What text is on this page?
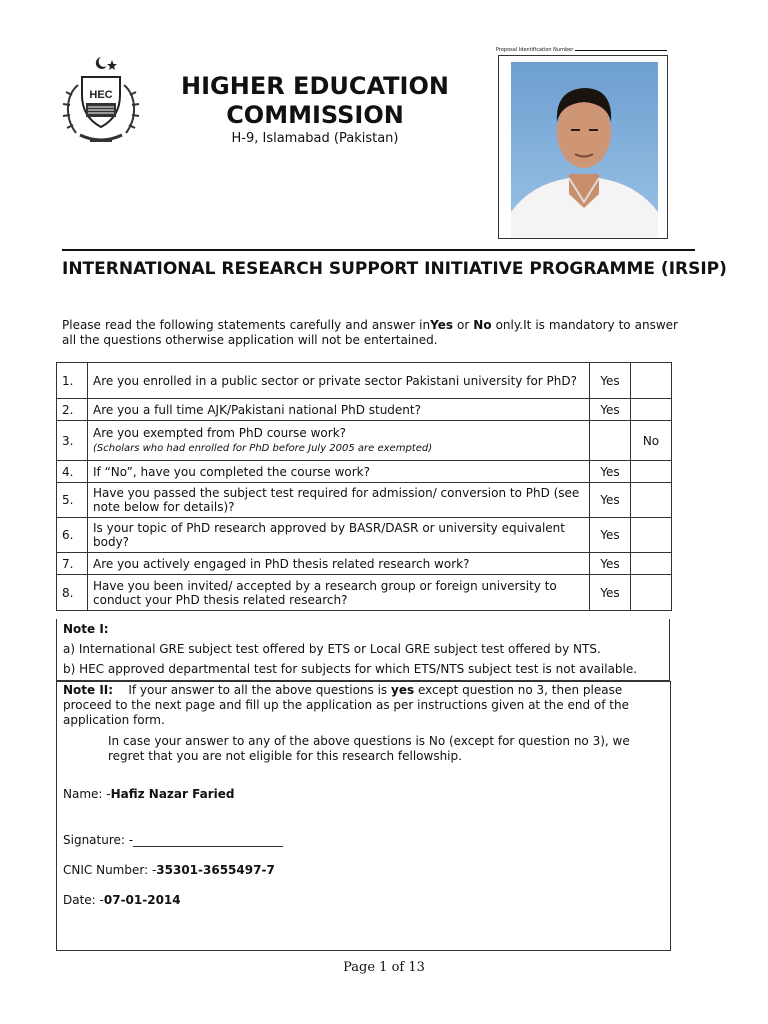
HEC	HIGHER EDUCATION
COMMISSION
H-9, Islamabad (Pakistan)
Proposal Identification Number
INTERNATIONAL RESEARCH SUPPORT INITIATIVE PROGRAMME (IRSIP)
Please read the following statements carefully and answer inYes or No only.It is mandatory to answer all the questions otherwise application will not be entertained.
1.	Are you enrolled in a public sector or private sector Pakistani university for PhD?	Yes	
2.	Are you a full time AJK/Pakistani national PhD student?	Yes	
3.	Are you exempted from PhD course work?
(Scholars who had enrolled for PhD before July 2005 are exempted)		No
4.	If “No”, have you completed the course work?	Yes	
5.	Have you passed the subject test required for admission/ conversion to PhD (see note below for details)?	Yes	
6.	Is your topic of PhD research approved by BASR/DASR or university equivalent body?	Yes	
7.	Are you actively engaged in PhD thesis related research work?	Yes	
8.	Have you been invited/ accepted by a research group or foreign university to conduct your PhD thesis related research?	Yes	
Note I:
a) International GRE subject test offered by ETS or Local GRE subject test offered by NTS.
b) HEC approved departmental test for subjects for which ETS/NTS subject test is not available.
Note II: If your answer to all the above questions is yes except question no 3, then please proceed to the next page and fill up the application as per instructions given at the end of the application form.
In case your answer to any of the above questions is No (except for question no 3), we regret that you are not eligible for this research fellowship.
Name: -Hafiz Nazar Faried
Signature: -_________________________
CNIC Number: -35301-3655497-7
Date: -07-01-2014
Page 1 of 13
